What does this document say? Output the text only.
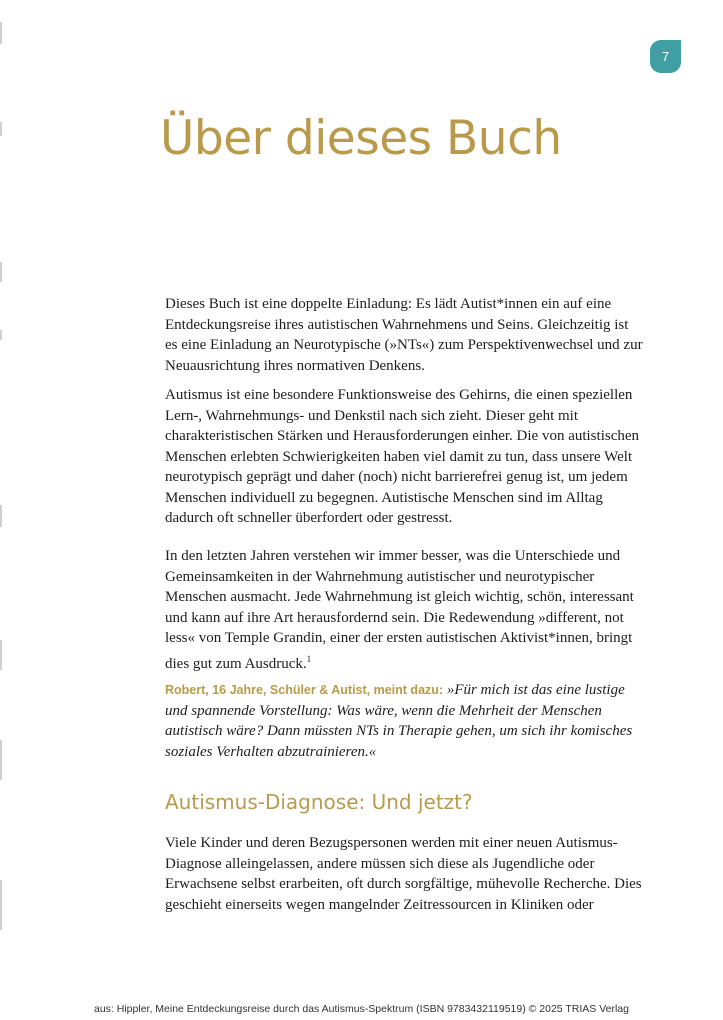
7
Über dieses Buch

Dieses Buch ist eine doppelte Einladung: Es lädt Autist*innen ein auf eine Entdeckungsreise ihres autistischen Wahrnehmens und Seins. Gleichzeitig ist es eine Einladung an Neurotypische (»NTs«) zum Perspektivenwechsel und zur Neuausrichtung ihres normativen Denkens.

Autismus ist eine besondere Funktionsweise des Gehirns, die einen speziellen Lern-, Wahrnehmungs- und Denkstil nach sich zieht. Dieser geht mit charakteristischen Stärken und Herausforderungen einher. Die von autistischen Menschen erlebten Schwierigkeiten haben viel damit zu tun, dass unsere Welt neurotypisch geprägt und daher (noch) nicht barrierefrei genug ist, um jedem Menschen individuell zu begegnen. Autistische Menschen sind im Alltag dadurch oft schneller überfordert oder gestresst.

In den letzten Jahren verstehen wir immer besser, was die Unterschiede und Gemeinsamkeiten in der Wahrnehmung autistischer und neurotypischer Menschen ausmacht. Jede Wahrnehmung ist gleich wichtig, schön, interessant und kann auf ihre Art herausfordernd sein. Die Redewendung »different, not less« von Temple Grandin, einer der ersten autistischen Aktivist*innen, bringt dies gut zum Ausdruck.$^1$

Robert, 16 Jahre, Schüler & Autist, meint dazu: »Für mich ist das eine lustige und spannende Vorstellung: Was wäre, wenn die Mehrheit der Menschen autistisch wäre? Dann müssten NTs in Therapie gehen, um sich ihr komisches soziales Verhalten abzutrainieren.«

Autismus-Diagnose: Und jetzt?

Viele Kinder und deren Bezugspersonen werden mit einer neuen Autismus-Diagnose alleingelassen, andere müssen sich diese als Jugendliche oder Erwachsene selbst erarbeiten, oft durch sorgfältige, mühevolle Recherche. Dies geschieht einerseits wegen mangelnder Zeitressourcen in Kliniken oder

aus: Hippler, Meine Entdeckungsreise durch das Autismus-Spektrum (ISBN 9783432119519) © 2025 TRIAS Verlag
